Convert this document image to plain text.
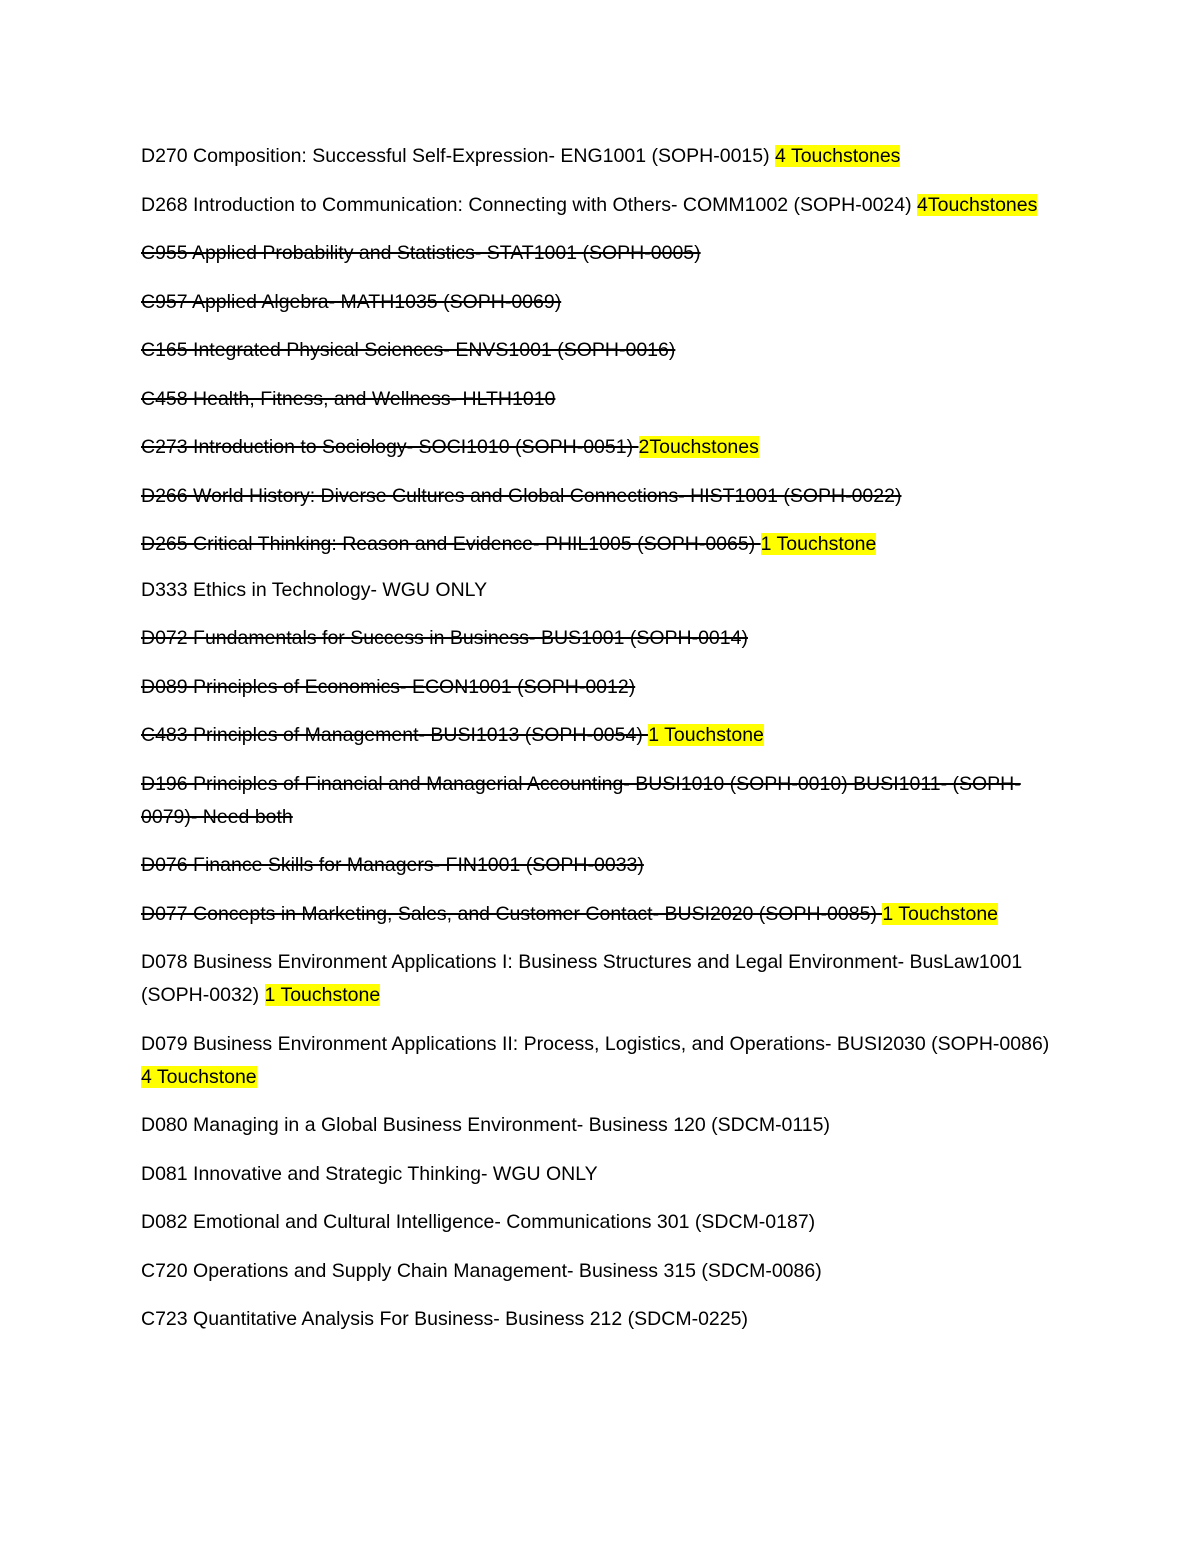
D270 Composition: Successful Self-Expression- ENG1001 (SOPH-0015) 4 Touchstones

D268 Introduction to Communication: Connecting with Others- COMM1002 (SOPH-0024) 4Touchstones

C955 Applied Probability and Statistics- STAT1001 (SOPH-0005)

C957 Applied Algebra- MATH1035 (SOPH-0069)

C165 Integrated Physical Sciences- ENVS1001 (SOPH-0016)

C458 Health, Fitness, and Wellness- HLTH1010

C273 Introduction to Sociology- SOCI1010 (SOPH-0051) 2Touchstones

D266 World History: Diverse Cultures and Global Connections- HIST1001 (SOPH-0022)

D265 Critical Thinking: Reason and Evidence- PHIL1005 (SOPH-0065) 1 Touchstone

D333 Ethics in Technology- WGU ONLY

D072 Fundamentals for Success in Business- BUS1001 (SOPH-0014)

D089 Principles of Economics- ECON1001 (SOPH-0012)

C483 Principles of Management- BUSI1013 (SOPH-0054) 1 Touchstone

D196 Principles of Financial and Managerial Accounting- BUSI1010 (SOPH-0010) BUSI1011- (SOPH-0079)- Need both

D076 Finance Skills for Managers- FIN1001 (SOPH-0033)

D077 Concepts in Marketing, Sales, and Customer Contact- BUSI2020 (SOPH-0085) 1 Touchstone

D078 Business Environment Applications I: Business Structures and Legal Environment- BusLaw1001 (SOPH-0032) 1 Touchstone

D079 Business Environment Applications II: Process, Logistics, and Operations- BUSI2030 (SOPH-0086) 4 Touchstone

D080 Managing in a Global Business Environment- Business 120 (SDCM-0115)

D081 Innovative and Strategic Thinking- WGU ONLY

D082 Emotional and Cultural Intelligence- Communications 301 (SDCM-0187)

C720 Operations and Supply Chain Management- Business 315 (SDCM-0086)

C723 Quantitative Analysis For Business- Business 212 (SDCM-0225)
